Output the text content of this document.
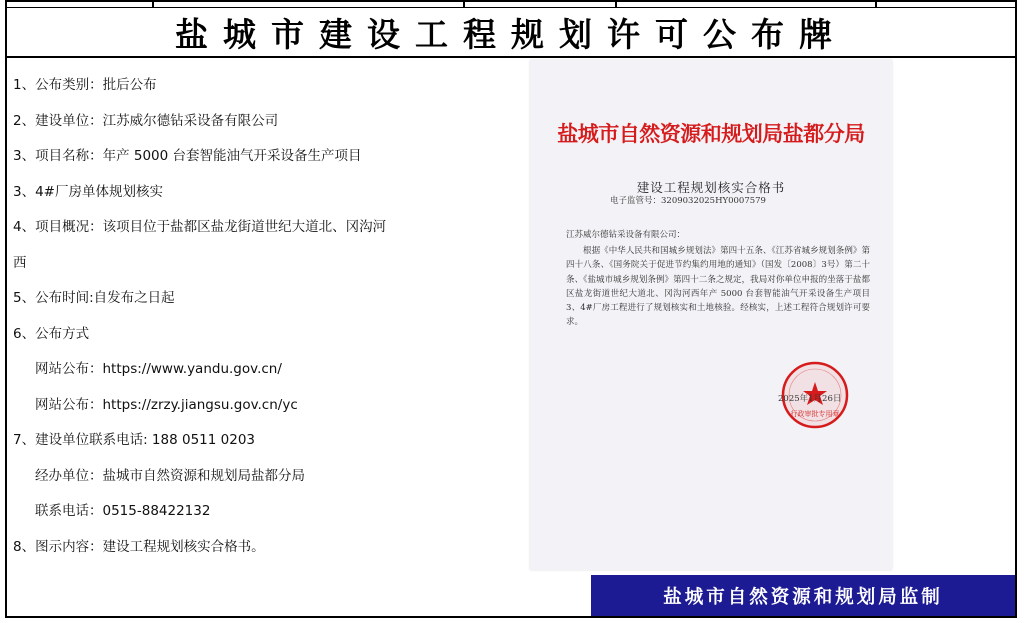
盐城市建设工程规划许可公布牌
1、公布类别：批后公布
2、建设单位：江苏威尔德钻采设备有限公司
3、项目名称：年产 5000 台套智能油气开采设备生产项目
3、4#厂房单体规划核实
4、项目概况：该项目位于盐都区盐龙街道世纪大道北、冈沟河
西
5、公布时间:自发布之日起
6、公布方式
网站公布：https://www.yandu.gov.cn/
网站公布：https://zrzy.jiangsu.gov.cn/yc
7、建设单位联系电话: 188 0511 0203
经办单位：盐城市自然资源和规划局盐都分局
联系电话：0515-88422132
8、图示内容：建设工程规划核实合格书。
盐城市自然资源和规划局盐都分局
建设工程规划核实合格书
电子监管号：3209032025HY0007579
江苏威尔德钻采设备有限公司：
根据《中华人民共和国城乡规划法》第四十五条、《江苏省城乡规划条例》第四十八条、《国务院关于促进节约集约用地的通知》（国发〔2008〕3号）第二十条、《盐城市城乡规划条例》第四十二条之规定，我局对你单位申报的坐落于盐都区盐龙街道世纪大道北、冈沟河西年产 5000 台套智能油气开采设备生产项目 3、4#厂房工程进行了规划核实和土地核验。经核实，上述工程符合规划许可要求。
行政审批专用章
2025年1月26日
盐城市自然资源和规划局监制
